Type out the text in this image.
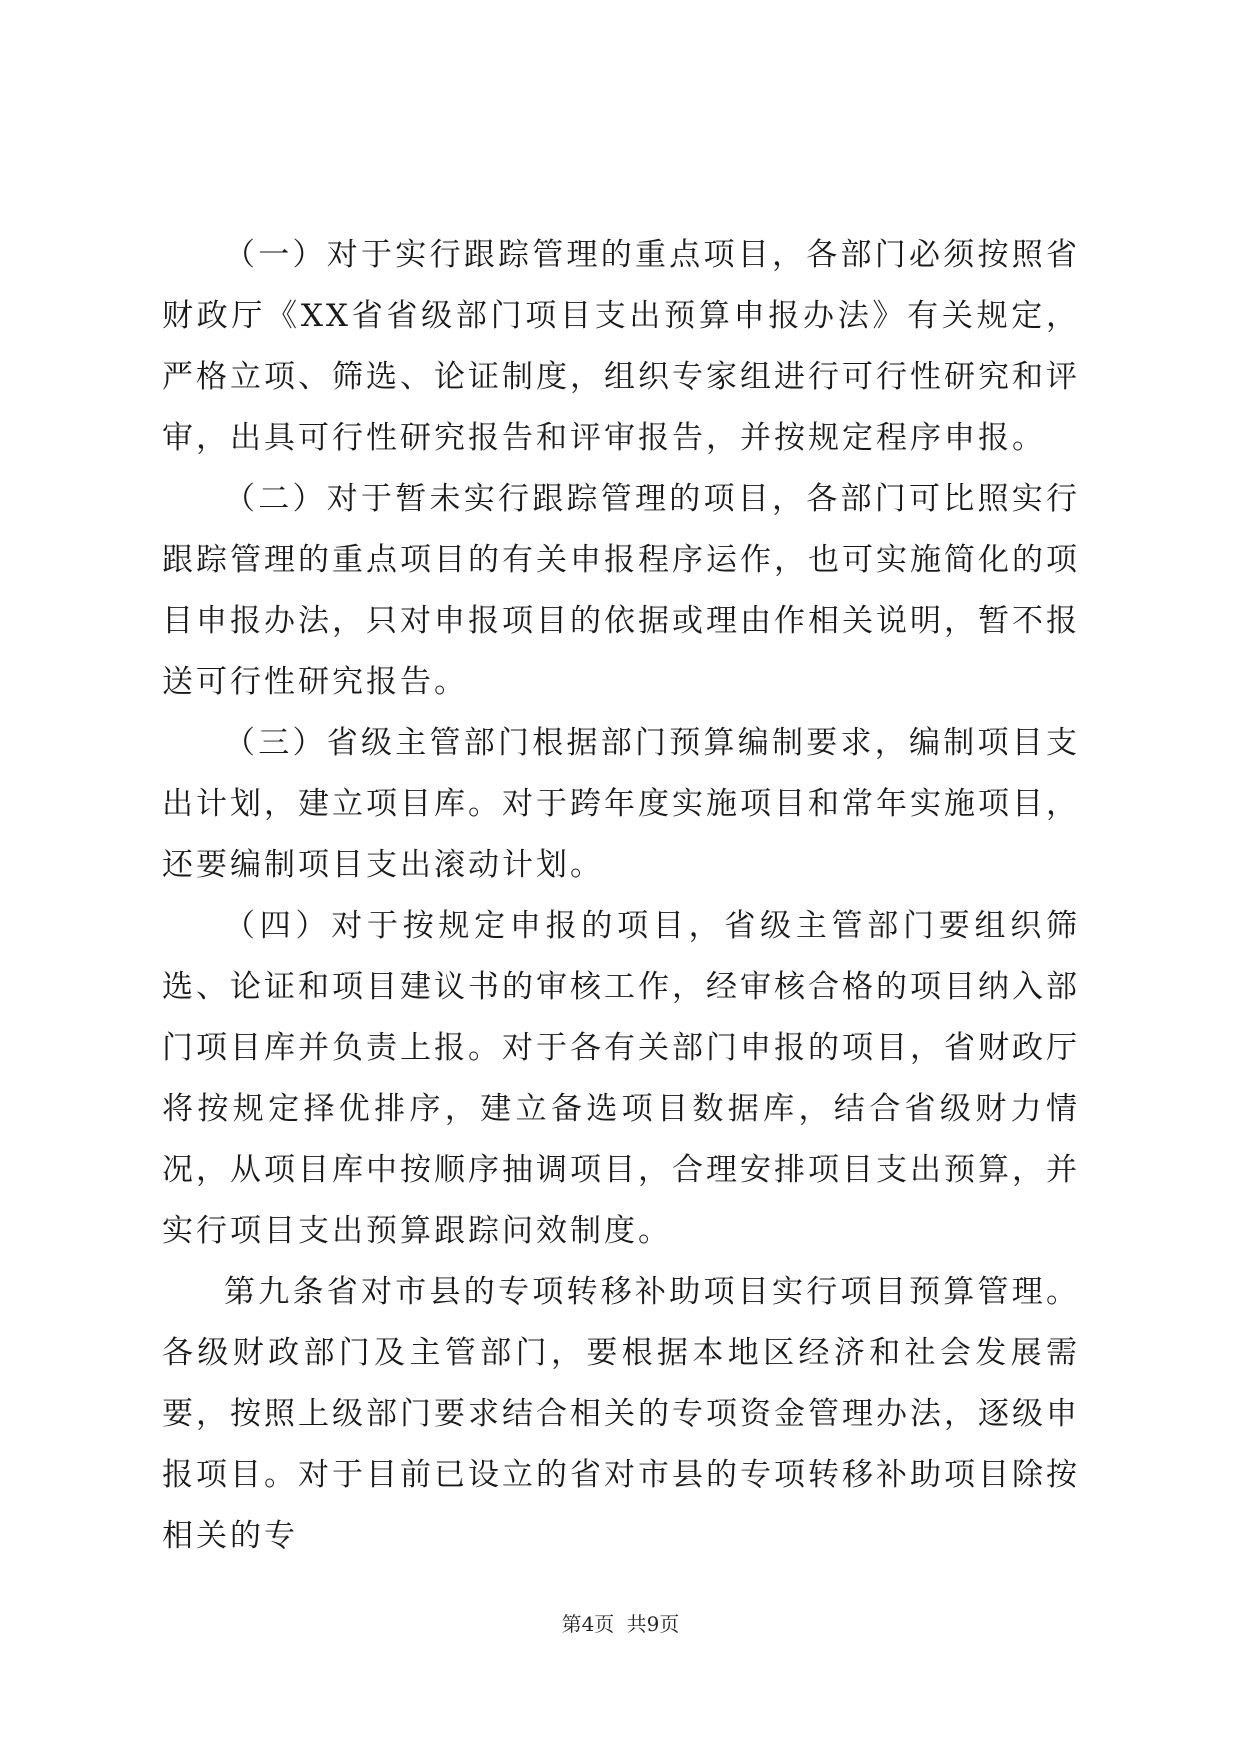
（一）对于实行跟踪管理的重点项目，各部门必须按照省财政厅《XX省省级部门项目支出预算申报办法》有关规定，严格立项、筛选、论证制度，组织专家组进行可行性研究和评审，出具可行性研究报告和评审报告，并按规定程序申报。

（二）对于暂未实行跟踪管理的项目，各部门可比照实行跟踪管理的重点项目的有关申报程序运作，也可实施简化的项目申报办法，只对申报项目的依据或理由作相关说明，暂不报送可行性研究报告。

（三）省级主管部门根据部门预算编制要求，编制项目支出计划，建立项目库。对于跨年度实施项目和常年实施项目，还要编制项目支出滚动计划。

（四）对于按规定申报的项目，省级主管部门要组织筛选、论证和项目建议书的审核工作，经审核合格的项目纳入部门项目库并负责上报。对于各有关部门申报的项目，省财政厅将按规定择优排序，建立备选项目数据库，结合省级财力情况，从项目库中按顺序抽调项目，合理安排项目支出预算，并实行项目支出预算跟踪问效制度。

第九条省对市县的专项转移补助项目实行项目预算管理。各级财政部门及主管部门，要根据本地区经济和社会发展需要，按照上级部门要求结合相关的专项资金管理办法，逐级申报项目。对于目前已设立的省对市县的专项转移补助项目除按相关的专

第4页 共9页
